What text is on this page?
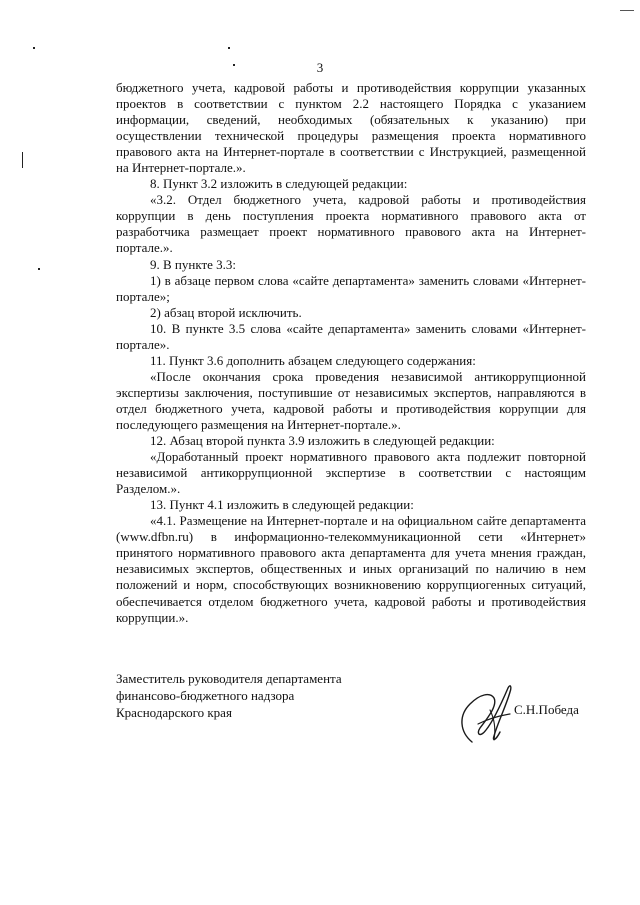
3

бюджетного учета, кадровой работы и противодействия коррупции указанных проектов в соответствии с пунктом 2.2 настоящего Порядка с указанием информации, сведений, необходимых (обязательных к указанию) при осуществлении технической процедуры размещения проекта нормативного правового акта на Интернет-портале в соответствии с Инструкцией, размещенной на Интернет-портале.».

8. Пункт 3.2 изложить в следующей редакции:

«3.2. Отдел бюджетного учета, кадровой работы и противодействия коррупции в день поступления проекта нормативного правового акта от разработчика размещает проект нормативного правового акта на Интернет-портале.».

9. В пункте 3.3:

1) в абзаце первом слова «сайте департамента» заменить словами «Интернет-портале»;

2) абзац второй исключить.

10. В пункте 3.5 слова «сайте департамента» заменить словами «Интернет-портале».

11. Пункт 3.6 дополнить абзацем следующего содержания:

«После окончания срока проведения независимой антикоррупционной экспертизы заключения, поступившие от независимых экспертов, направляются в отдел бюджетного учета, кадровой работы и противодействия коррупции для последующего размещения на Интернет-портале.».

12. Абзац второй пункта 3.9 изложить в следующей редакции:

«Доработанный проект нормативного правового акта подлежит повторной независимой антикоррупционной экспертизе в соответствии с настоящим Разделом.».

13. Пункт 4.1 изложить в следующей редакции:

«4.1. Размещение на Интернет-портале и на официальном сайте департамента (www.dfbn.ru) в информационно-телекоммуникационной сети «Интернет» принятого нормативного правового акта департамента для учета мнения граждан, независимых экспертов, общественных и иных организаций по наличию в нем положений и норм, способствующих возникновению коррупциогенных ситуаций, обеспечивается отделом бюджетного учета, кадровой работы и противодействия коррупции.».

Заместитель руководителя департамента

финансово-бюджетного надзора

Краснодарского края	С.Н.Победа
